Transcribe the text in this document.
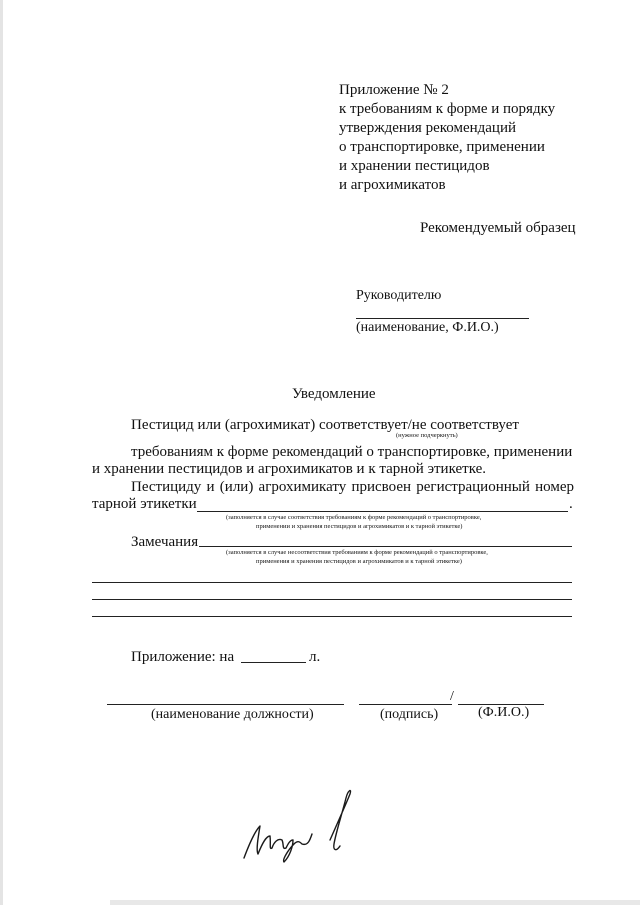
Приложение № 2
к требованиям к форме и порядку
утверждения рекомендаций
о транспортировке, применении
и хранении пестицидов
и агрохимикатов
Рекомендуемый образец
Руководителю
(наименование, Ф.И.О.)
Уведомление
Пестицид или (агрохимикат) соответствует/не соответствует
(нужное подчеркнуть)
требованиям к форме рекомендаций о транспортировке, применении
и хранении пестицидов и агрохимикатов и к тарной этикетке.
Пестициду и (или) агрохимикату присвоен регистрационный номер
тарной этикетки	.
(заполняется в случае соответствия требованиям к форме рекомендаций о транспортировке,
применении и хранения пестицидов и агрохимикатов и к тарной этикетке)
Замечания
(заполняется в случае несоответствия требованиям к форме рекомендаций о транспортировке,
применения и хранения пестицидов и агрохимикатов и к тарной этикетке)
Приложение: на	л.
/
(наименование должности)	(подпись)	(Ф.И.О.)
